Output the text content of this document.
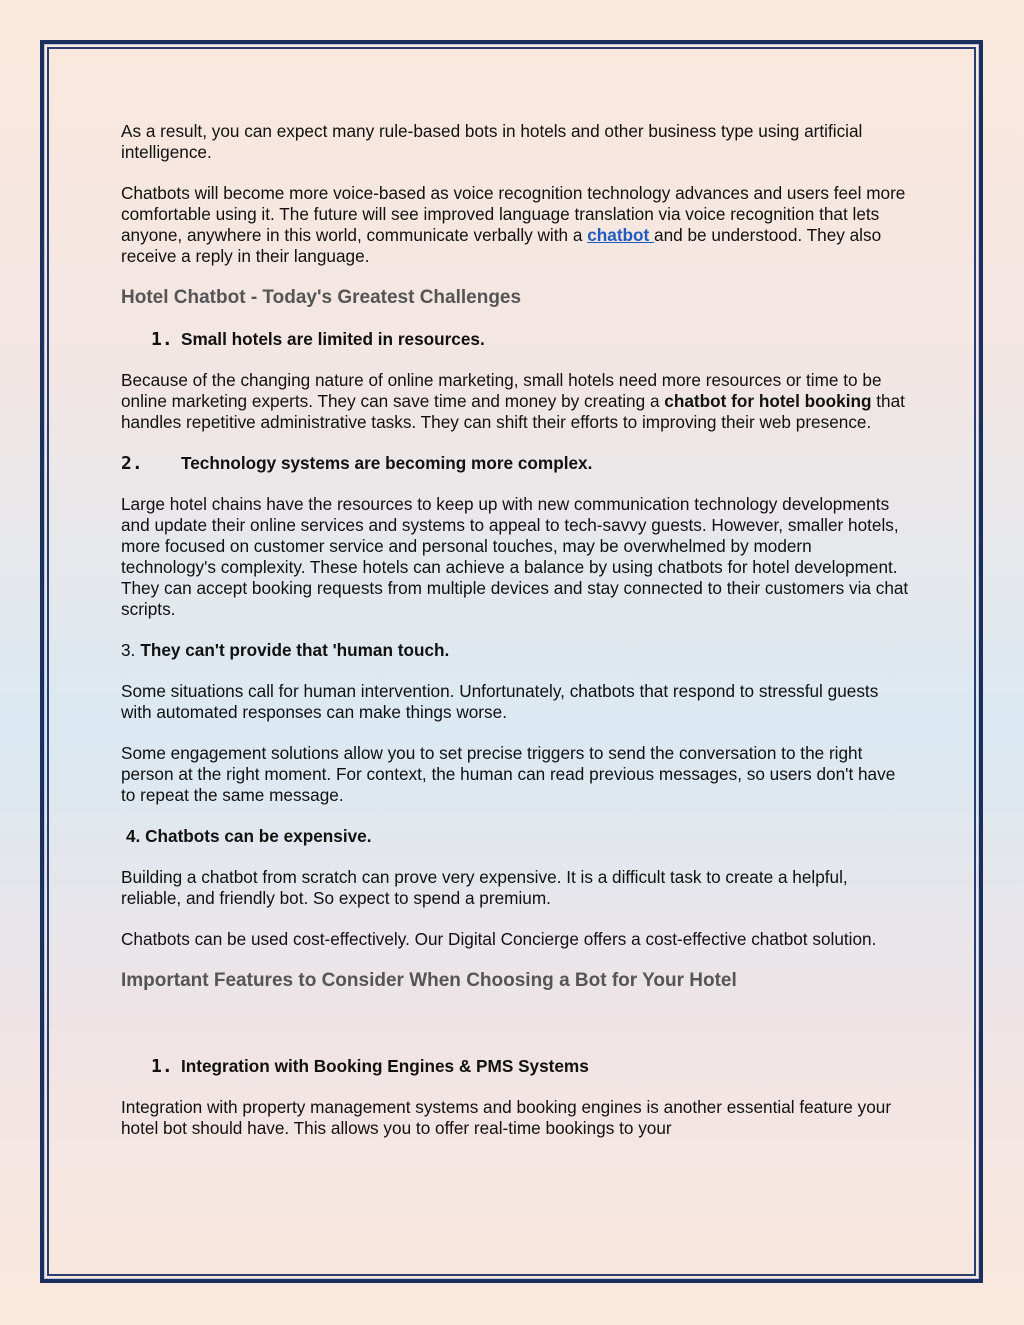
As a result, you can expect many rule-based bots in hotels and other business type using artificial intelligence.

Chatbots will become more voice-based as voice recognition technology advances and users feel more comfortable using it. The future will see improved language translation via voice recognition that lets anyone, anywhere in this world, communicate verbally with a chatbot and be understood. They also receive a reply in their language.

Hotel Chatbot - Today's Greatest Challenges
1. Small hotels are limited in resources.

Because of the changing nature of online marketing, small hotels need more resources or time to be online marketing experts. They can save time and money by creating a chatbot for hotel booking that handles repetitive administrative tasks. They can shift their efforts to improving their web presence.

2.	Technology systems are becoming more complex.

Large hotel chains have the resources to keep up with new communication technology developments and update their online services and systems to appeal to tech-savvy guests. However, smaller hotels, more focused on customer service and personal touches, may be overwhelmed by modern technology's complexity. These hotels can achieve a balance by using chatbots for hotel development. They can accept booking requests from multiple devices and stay connected to their customers via chat scripts.

3. They can't provide that 'human touch.

Some situations call for human intervention. Unfortunately, chatbots that respond to stressful guests with automated responses can make things worse.

Some engagement solutions allow you to set precise triggers to send the conversation to the right person at the right moment. For context, the human can read previous messages, so users don't have to repeat the same message.

4. Chatbots can be expensive.

Building a chatbot from scratch can prove very expensive. It is a difficult task to create a helpful, reliable, and friendly bot. So expect to spend a premium.

Chatbots can be used cost-effectively. Our Digital Concierge offers a cost-effective chatbot solution.

Important Features to Consider When Choosing a Bot for Your Hotel
1. Integration with Booking Engines & PMS Systems

Integration with property management systems and booking engines is another essential feature your hotel bot should have. This allows you to offer real-time bookings to your
